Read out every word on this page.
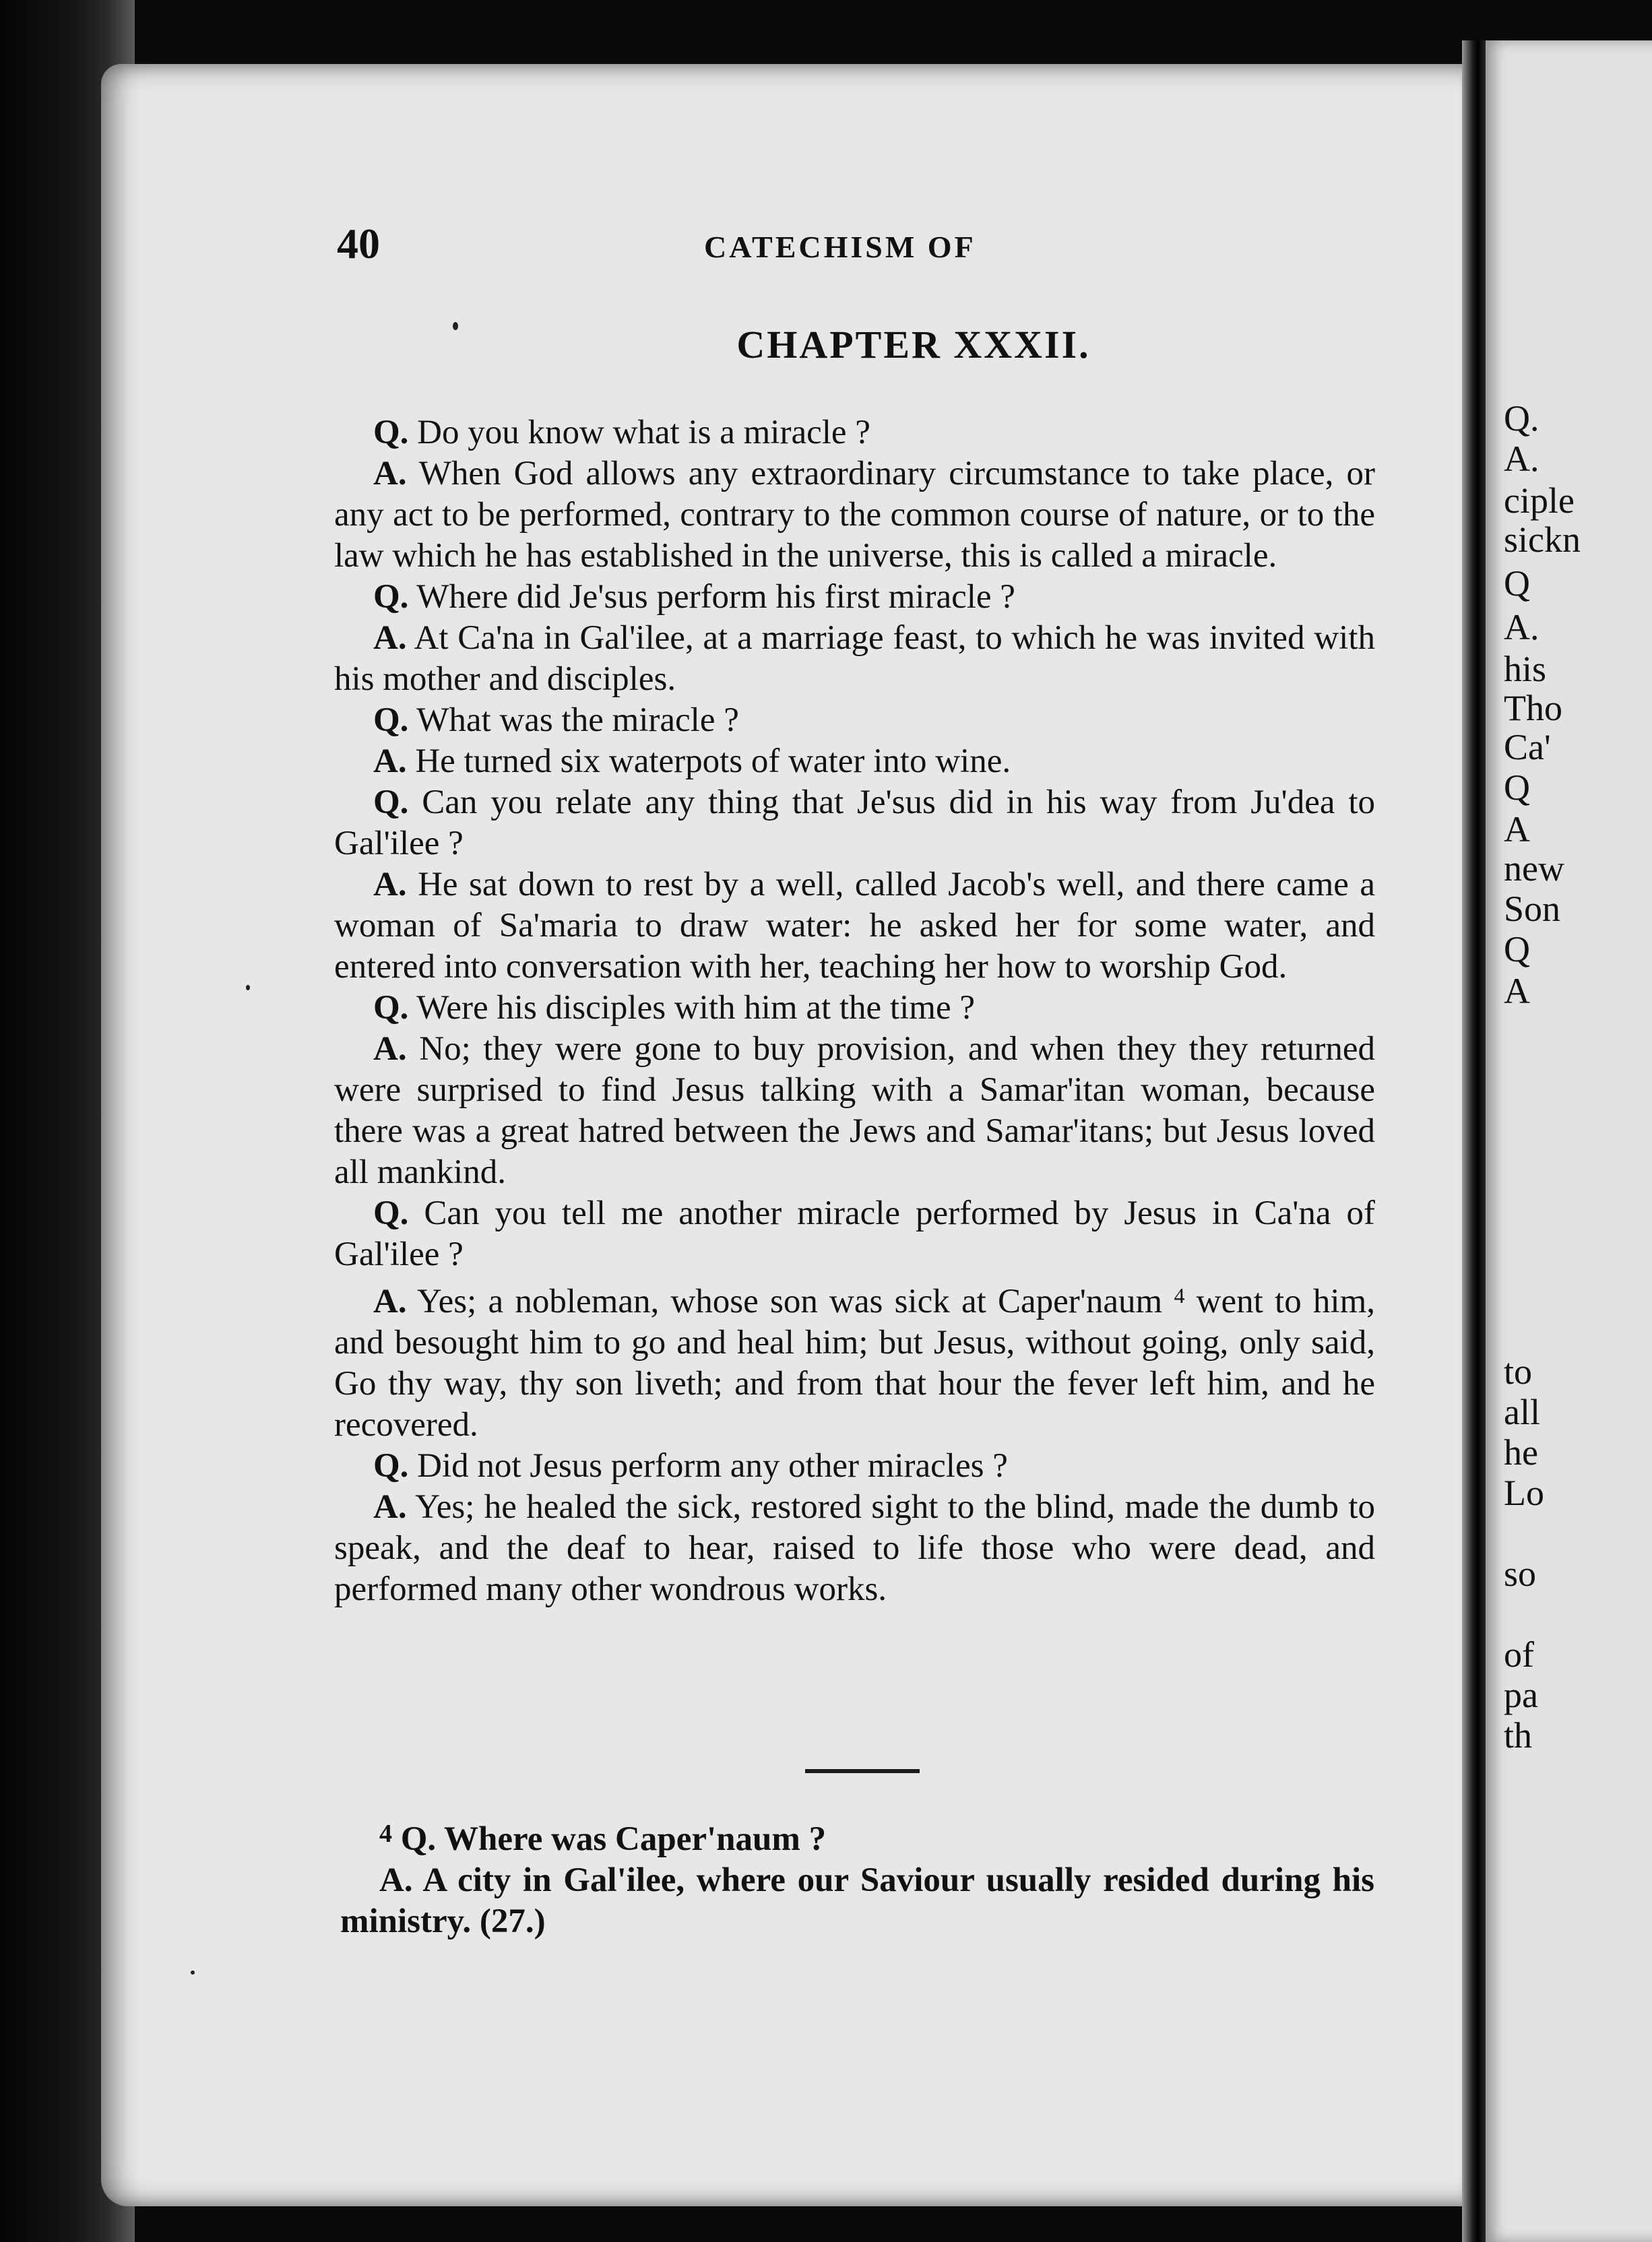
Q.
A.
ciple
sickn
Q
A.
his
Tho
Ca'
Q
A
new
Son
Q
A
to
all
he
Lo
so
of
pa
th
40	CATECHISM OF
CHAPTER XXXII.

Q. Do you know what is a miracle ?

A. When God allows any extraordinary circumstance to take place, or any act to be performed, contrary to the common course of nature, or to the law which he has established in the universe, this is called a miracle.

Q. Where did Je'sus perform his first miracle ?

A. At Ca'na in Gal'ilee, at a marriage feast, to which he was invited with his mother and disciples.

Q. What was the miracle ?

A. He turned six waterpots of water into wine.

Q. Can you relate any thing that Je'sus did in his way from Ju'dea to Gal'ilee ?

A. He sat down to rest by a well, called Jacob's well, and there came a woman of Sa'maria to draw water: he asked her for some water, and entered into conversation with her, teaching her how to worship God.

Q. Were his disciples with him at the time ?

A. No; they were gone to buy provision, and when they they returned were surprised to find Jesus talking with a Samar'itan woman, because there was a great hatred between the Jews and Samar'itans; but Jesus loved all mankind.

Q. Can you tell me another miracle performed by Jesus in Ca'na of Gal'ilee ?

A. Yes; a nobleman, whose son was sick at Caper'naum $^4$ went to him, and besought him to go and heal him; but Jesus, without going, only said, Go thy way, thy son liveth; and from that hour the fever left him, and he recovered.

Q. Did not Jesus perform any other miracles ?

A. Yes; he healed the sick, restored sight to the blind, made the dumb to speak, and the deaf to hear, raised to life those who were dead, and performed many other wondrous works.

$^4$ Q. Where was Caper'naum ?

A. A city in Gal'ilee, where our Saviour usually resided during his ministry. (27.)
